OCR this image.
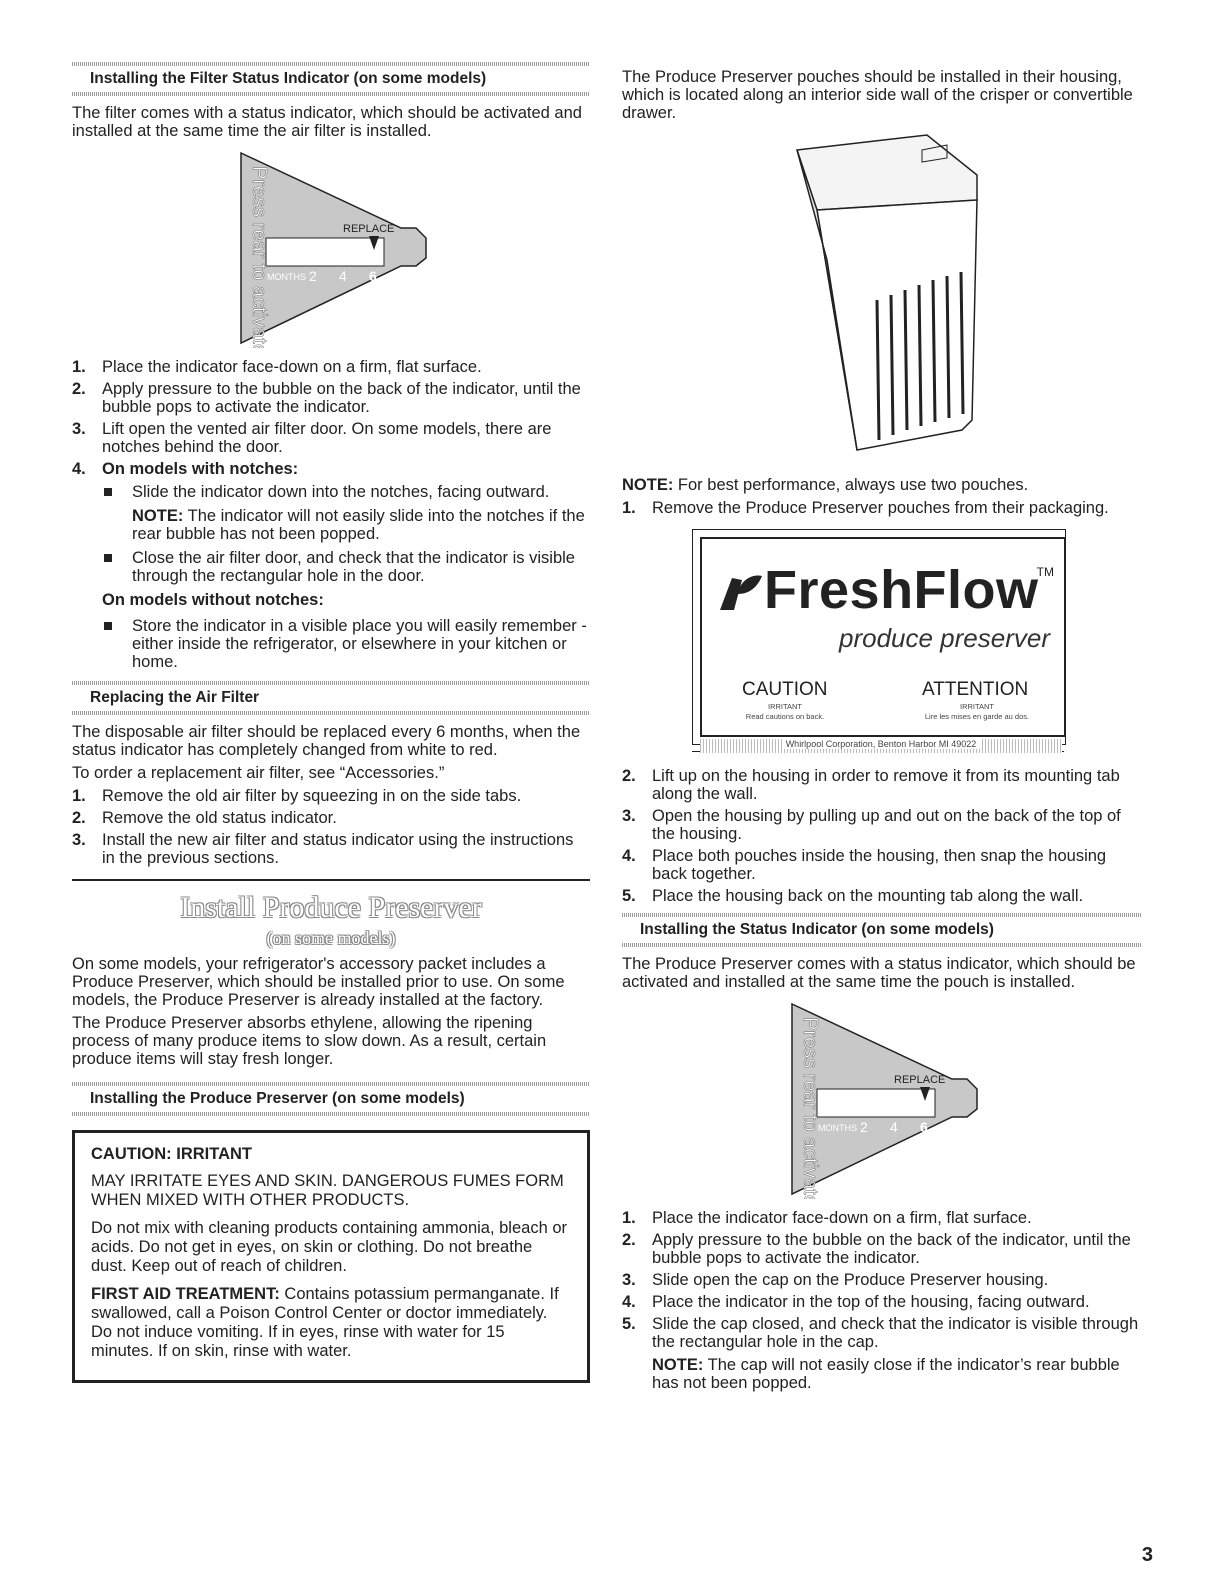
Installing the Filter Status Indicator (on some models)

The filter comes with a status indicator, which should be activated and installed at the same time the air filter is installed.

Press rear to activate	REPLACE
MONTHS 2 4 6
1. Place the indicator face-down on a firm, flat surface.
2. Apply pressure to the bubble on the back of the indicator, until the bubble pops to activate the indicator.
3. Lift open the vented air filter door. On some models, there are notches behind the door.
4. On models with notches:
Slide the indicator down into the notches, facing outward.

NOTE: The indicator will not easily slide into the notches if the rear bubble has not been popped.

Close the air filter door, and check that the indicator is visible through the rectangular hole in the door.
On models without notches:
Store the indicator in a visible place you will easily remember - either inside the refrigerator, or elsewhere in your kitchen or home.
Replacing the Air Filter

The disposable air filter should be replaced every 6 months, when the status indicator has completely changed from white to red.

To order a replacement air filter, see “Accessories.”

1. Remove the old air filter by squeezing in on the side tabs.
2. Remove the old status indicator.
3. Install the new air filter and status indicator using the instructions in the previous sections.
Install Produce Preserver
(on some models)

On some models, your refrigerator's accessory packet includes a Produce Preserver, which should be installed prior to use. On some models, the Produce Preserver is already installed at the factory.

The Produce Preserver absorbs ethylene, allowing the ripening process of many produce items to slow down. As a result, certain produce items will stay fresh longer.

Installing the Produce Preserver (on some models)
CAUTION: IRRITANT

MAY IRRITATE EYES AND SKIN. DANGEROUS FUMES FORM WHEN MIXED WITH OTHER PRODUCTS.

Do not mix with cleaning products containing ammonia, bleach or acids. Do not get in eyes, on skin or clothing. Do not breathe dust. Keep out of reach of children.

FIRST AID TREATMENT: Contains potassium permanganate. If swallowed, call a Poison Control Center or doctor immediately. Do not induce vomiting. If in eyes, rinse with water for 15 minutes. If on skin, rinse with water.

The Produce Preserver pouches should be installed in their housing, which is located along an interior side wall of the crisper or convertible drawer.

NOTE: For best performance, always use two pouches.

1. Remove the Produce Preserver pouches from their packaging.
FreshFlow
TM
produce preserver
CAUTION	ATTENTION
IRRITANT
Read cautions on back.
IRRITANT
Lire les mises en garde au dos.
Whirlpool Corporation, Benton Harbor MI 49022
2. Lift up on the housing in order to remove it from its mounting tab along the wall.
3. Open the housing by pulling up and out on the back of the top of the housing.
4. Place both pouches inside the housing, then snap the housing back together.
5. Place the housing back on the mounting tab along the wall.
Installing the Status Indicator (on some models)

The Produce Preserver comes with a status indicator, which should be activated and installed at the same time the pouch is installed.

Press rear to activate	REPLACE
MONTHS 2 4 6
1. Place the indicator face-down on a firm, flat surface.
2. Apply pressure to the bubble on the back of the indicator, until the bubble pops to activate the indicator.
3. Slide open the cap on the Produce Preserver housing.
4. Place the indicator in the top of the housing, facing outward.
5. Slide the cap closed, and check that the indicator is visible through the rectangular hole in the cap.

NOTE: The cap will not easily close if the indicator’s rear bubble has not been popped.

3
